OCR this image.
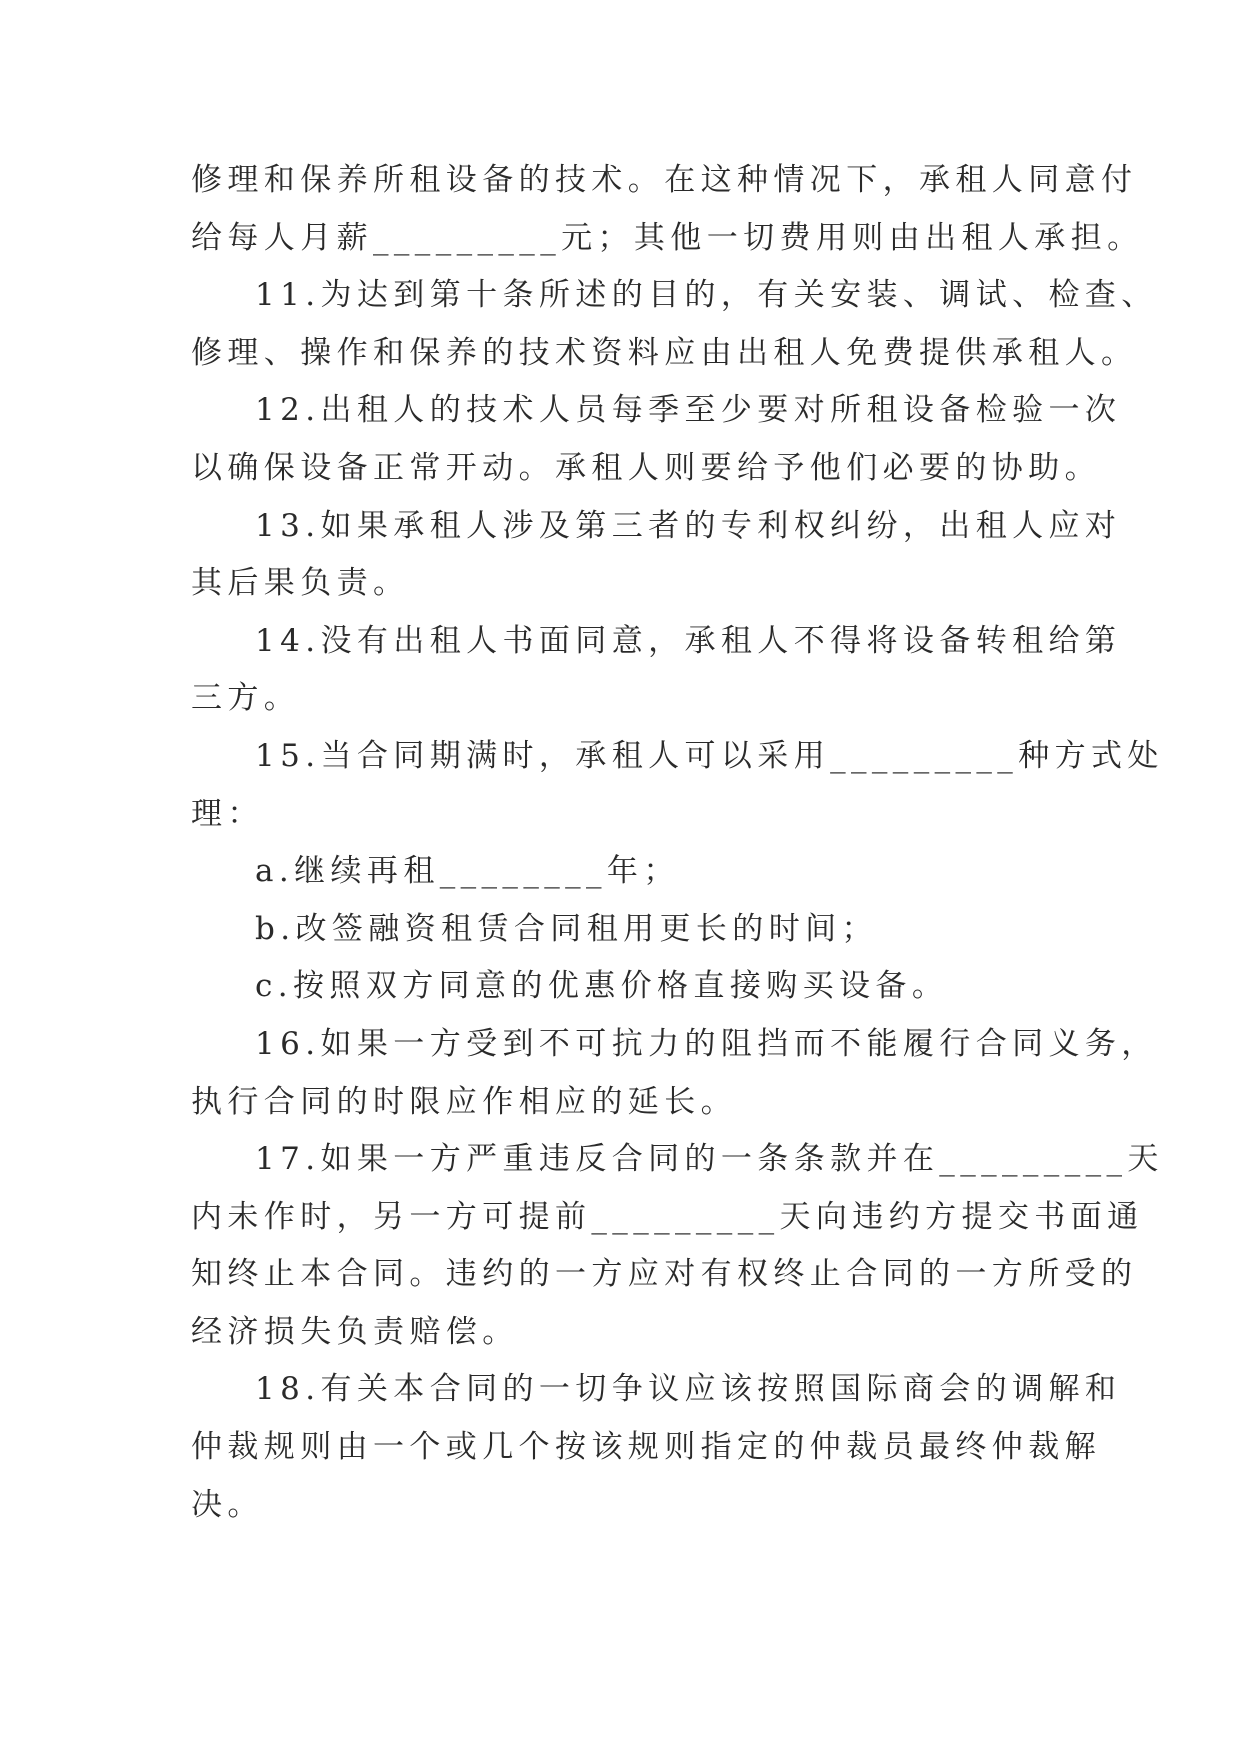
修理和保养所租设备的技术。在这种情况下，承租人同意付
给每人月薪_________元；其他一切费用则由出租人承担。
11.为达到第十条所述的目的，有关安装、调试、检查、
修理、操作和保养的技术资料应由出租人免费提供承租人。
12.出租人的技术人员每季至少要对所租设备检验一次
以确保设备正常开动。承租人则要给予他们必要的协助。
13.如果承租人涉及第三者的专利权纠纷，出租人应对
其后果负责。
14.没有出租人书面同意，承租人不得将设备转租给第
三方。
15.当合同期满时，承租人可以采用_________种方式处
理：
a.继续再租________年；
b.改签融资租赁合同租用更长的时间；
c.按照双方同意的优惠价格直接购买设备。
16.如果一方受到不可抗力的阻挡而不能履行合同义务，
执行合同的时限应作相应的延长。
17.如果一方严重违反合同的一条条款并在_________天
内未作时，另一方可提前_________天向违约方提交书面通
知终止本合同。违约的一方应对有权终止合同的一方所受的
经济损失负责赔偿。
18.有关本合同的一切争议应该按照国际商会的调解和
仲裁规则由一个或几个按该规则指定的仲裁员最终仲裁解
决。
